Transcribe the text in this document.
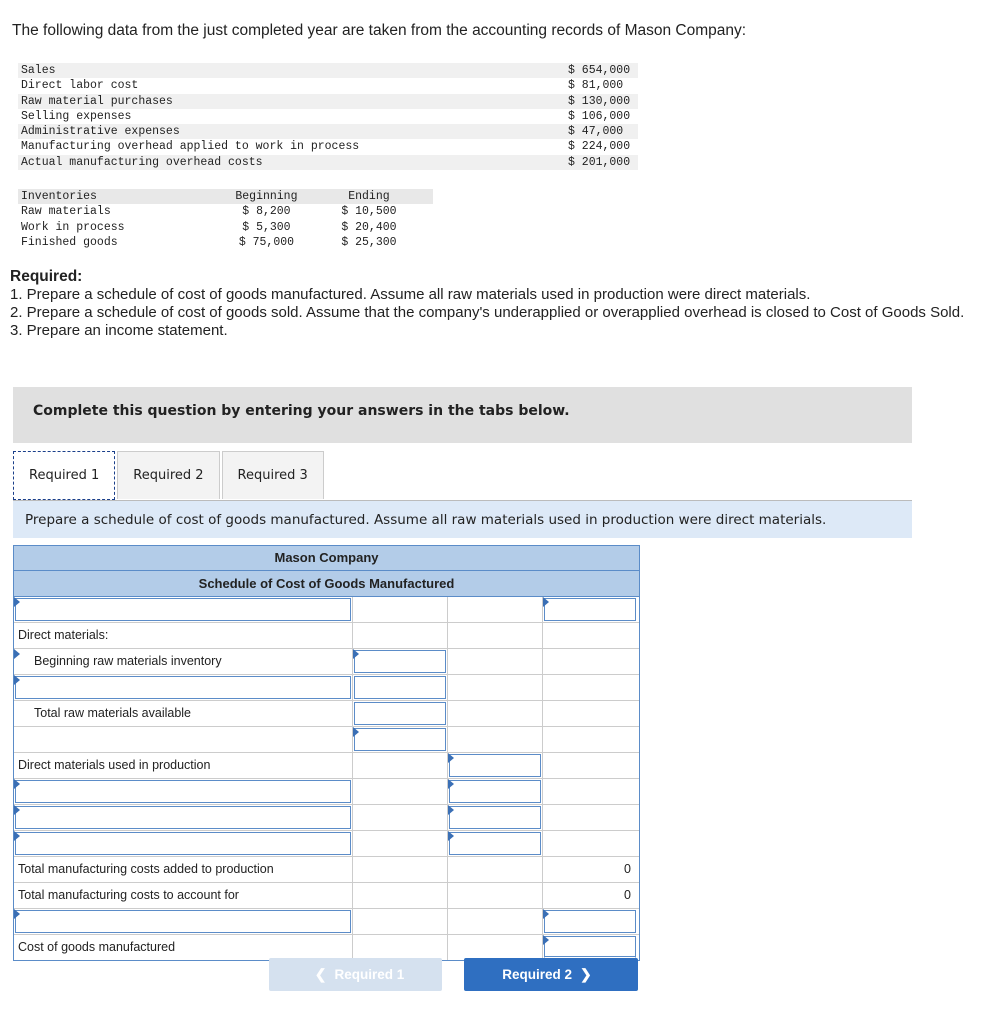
The following data from the just completed year are taken from the accounting records of Mason Company:
Sales	$ 654,000
Direct labor cost	$ 81,000
Raw material purchases	$ 130,000
Selling expenses	$ 106,000
Administrative expenses	$ 47,000
Manufacturing overhead applied to work in process	$ 224,000
Actual manufacturing overhead costs	$ 201,000
Inventories	Beginning	Ending
Raw materials	$ 8,200	$ 10,500
Work in process	$ 5,300	$ 20,400
Finished goods	$ 75,000	$ 25,300
Required:
1. Prepare a schedule of cost of goods manufactured. Assume all raw materials used in production were direct materials.
2. Prepare a schedule of cost of goods sold. Assume that the company's underapplied or overapplied overhead is closed to Cost of Goods Sold.
3. Prepare an income statement.
Complete this question by entering your answers in the tabs below.
Required 1	Required 2	Required 3
Prepare a schedule of cost of goods manufactured. Assume all raw materials used in production were direct materials.
Mason Company
Schedule of Cost of Goods Manufactured
Direct materials:
Beginning raw materials inventory
Total raw materials available
Direct materials used in production
Total manufacturing costs added to production	0
Total manufacturing costs to account for	0
Cost of goods manufactured
❮ Required 1	Required 2 ❯
